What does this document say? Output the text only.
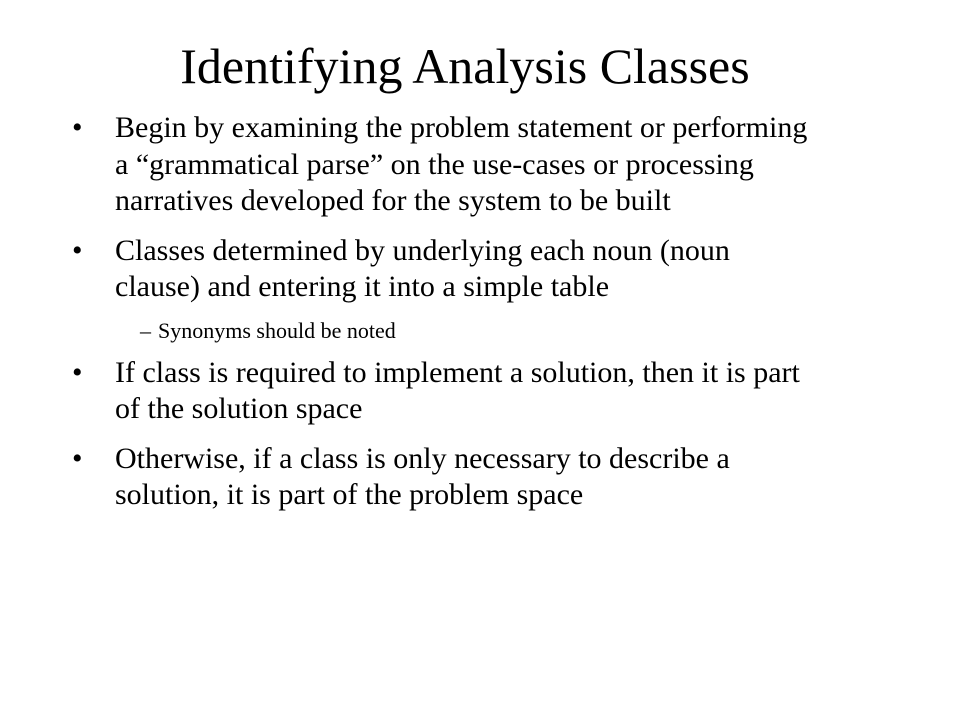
Identifying Analysis Classes
• Begin by examining the problem statement or performing a “grammatical parse” on the use-cases or processing narratives developed for the system to be built
• Classes determined by underlying each noun (noun clause) and entering it into a simple table
– Synonyms should be noted
• If class is required to implement a solution, then it is part of the solution space
• Otherwise, if a class is only necessary to describe a solution, it is part of the problem space
